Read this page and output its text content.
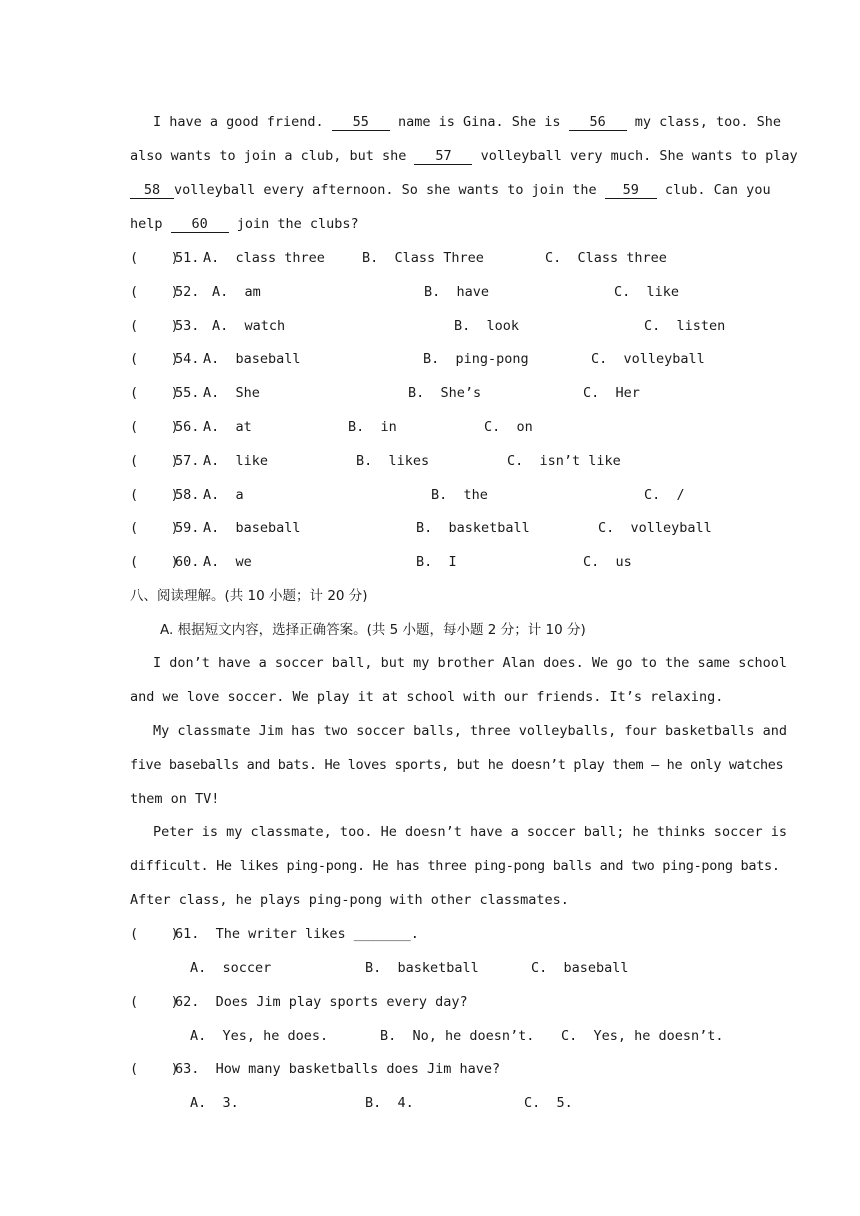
I have a good friend. 55 name is Gina. She is 56 my class, too. She
also wants to join a club, but she 57 volleyball very much. She wants to play
58 volleyball every afternoon. So she wants to join the 59 club. Can you
help 60 join the clubs?
(    )
51. A.  class three	B.  Class Three	C.  Class three
(    )
52. A.  am	B.  have	C.  like
(    )
53. A.  watch	B.  look	C.  listen
(    )
54. A.  baseball	B.  ping-pong	C.  volleyball
(    )
55. A.  She	B.  She’s	C.  Her
(    )
56. A.  at	B.  in	C.  on
(    )
57. A.  like	B.  likes	C.  isn’t like
(    )
58. A.  a	B.  the	C.  /
(    )
59. A.  baseball	B.  basketball	C.  volleyball
(    )
60. A.  we	B.  I	C.  us
八、阅读理解。(共 10 小题；计 20 分)
A. 根据短文内容，选择正确答案。(共 5 小题，每小题 2 分；计 10 分)
I don’t have a soccer ball, but my brother Alan does. We go to the same school
and we love soccer. We play it at school with our friends. It’s relaxing.
My classmate Jim has two soccer balls, three volleyballs, four basketballs and
five baseballs and bats. He loves sports, but he doesn’t play them — he only watches
them on TV!
Peter is my classmate, too. He doesn’t have a soccer ball; he thinks soccer is
difficult. He likes ping-pong. He has three ping-pong balls and two ping-pong bats.
After class, he plays ping-pong with other classmates.
(    )
61.  The writer likes _______.
A.  soccer	B.  basketball	C.  baseball
(    )
62.  Does Jim play sports every day?
A.  Yes, he does.	B.  No, he doesn’t. C.  Yes, he doesn’t.
(    )
63.  How many basketballs does Jim have?
A.  3.	B.  4.	C.  5.
